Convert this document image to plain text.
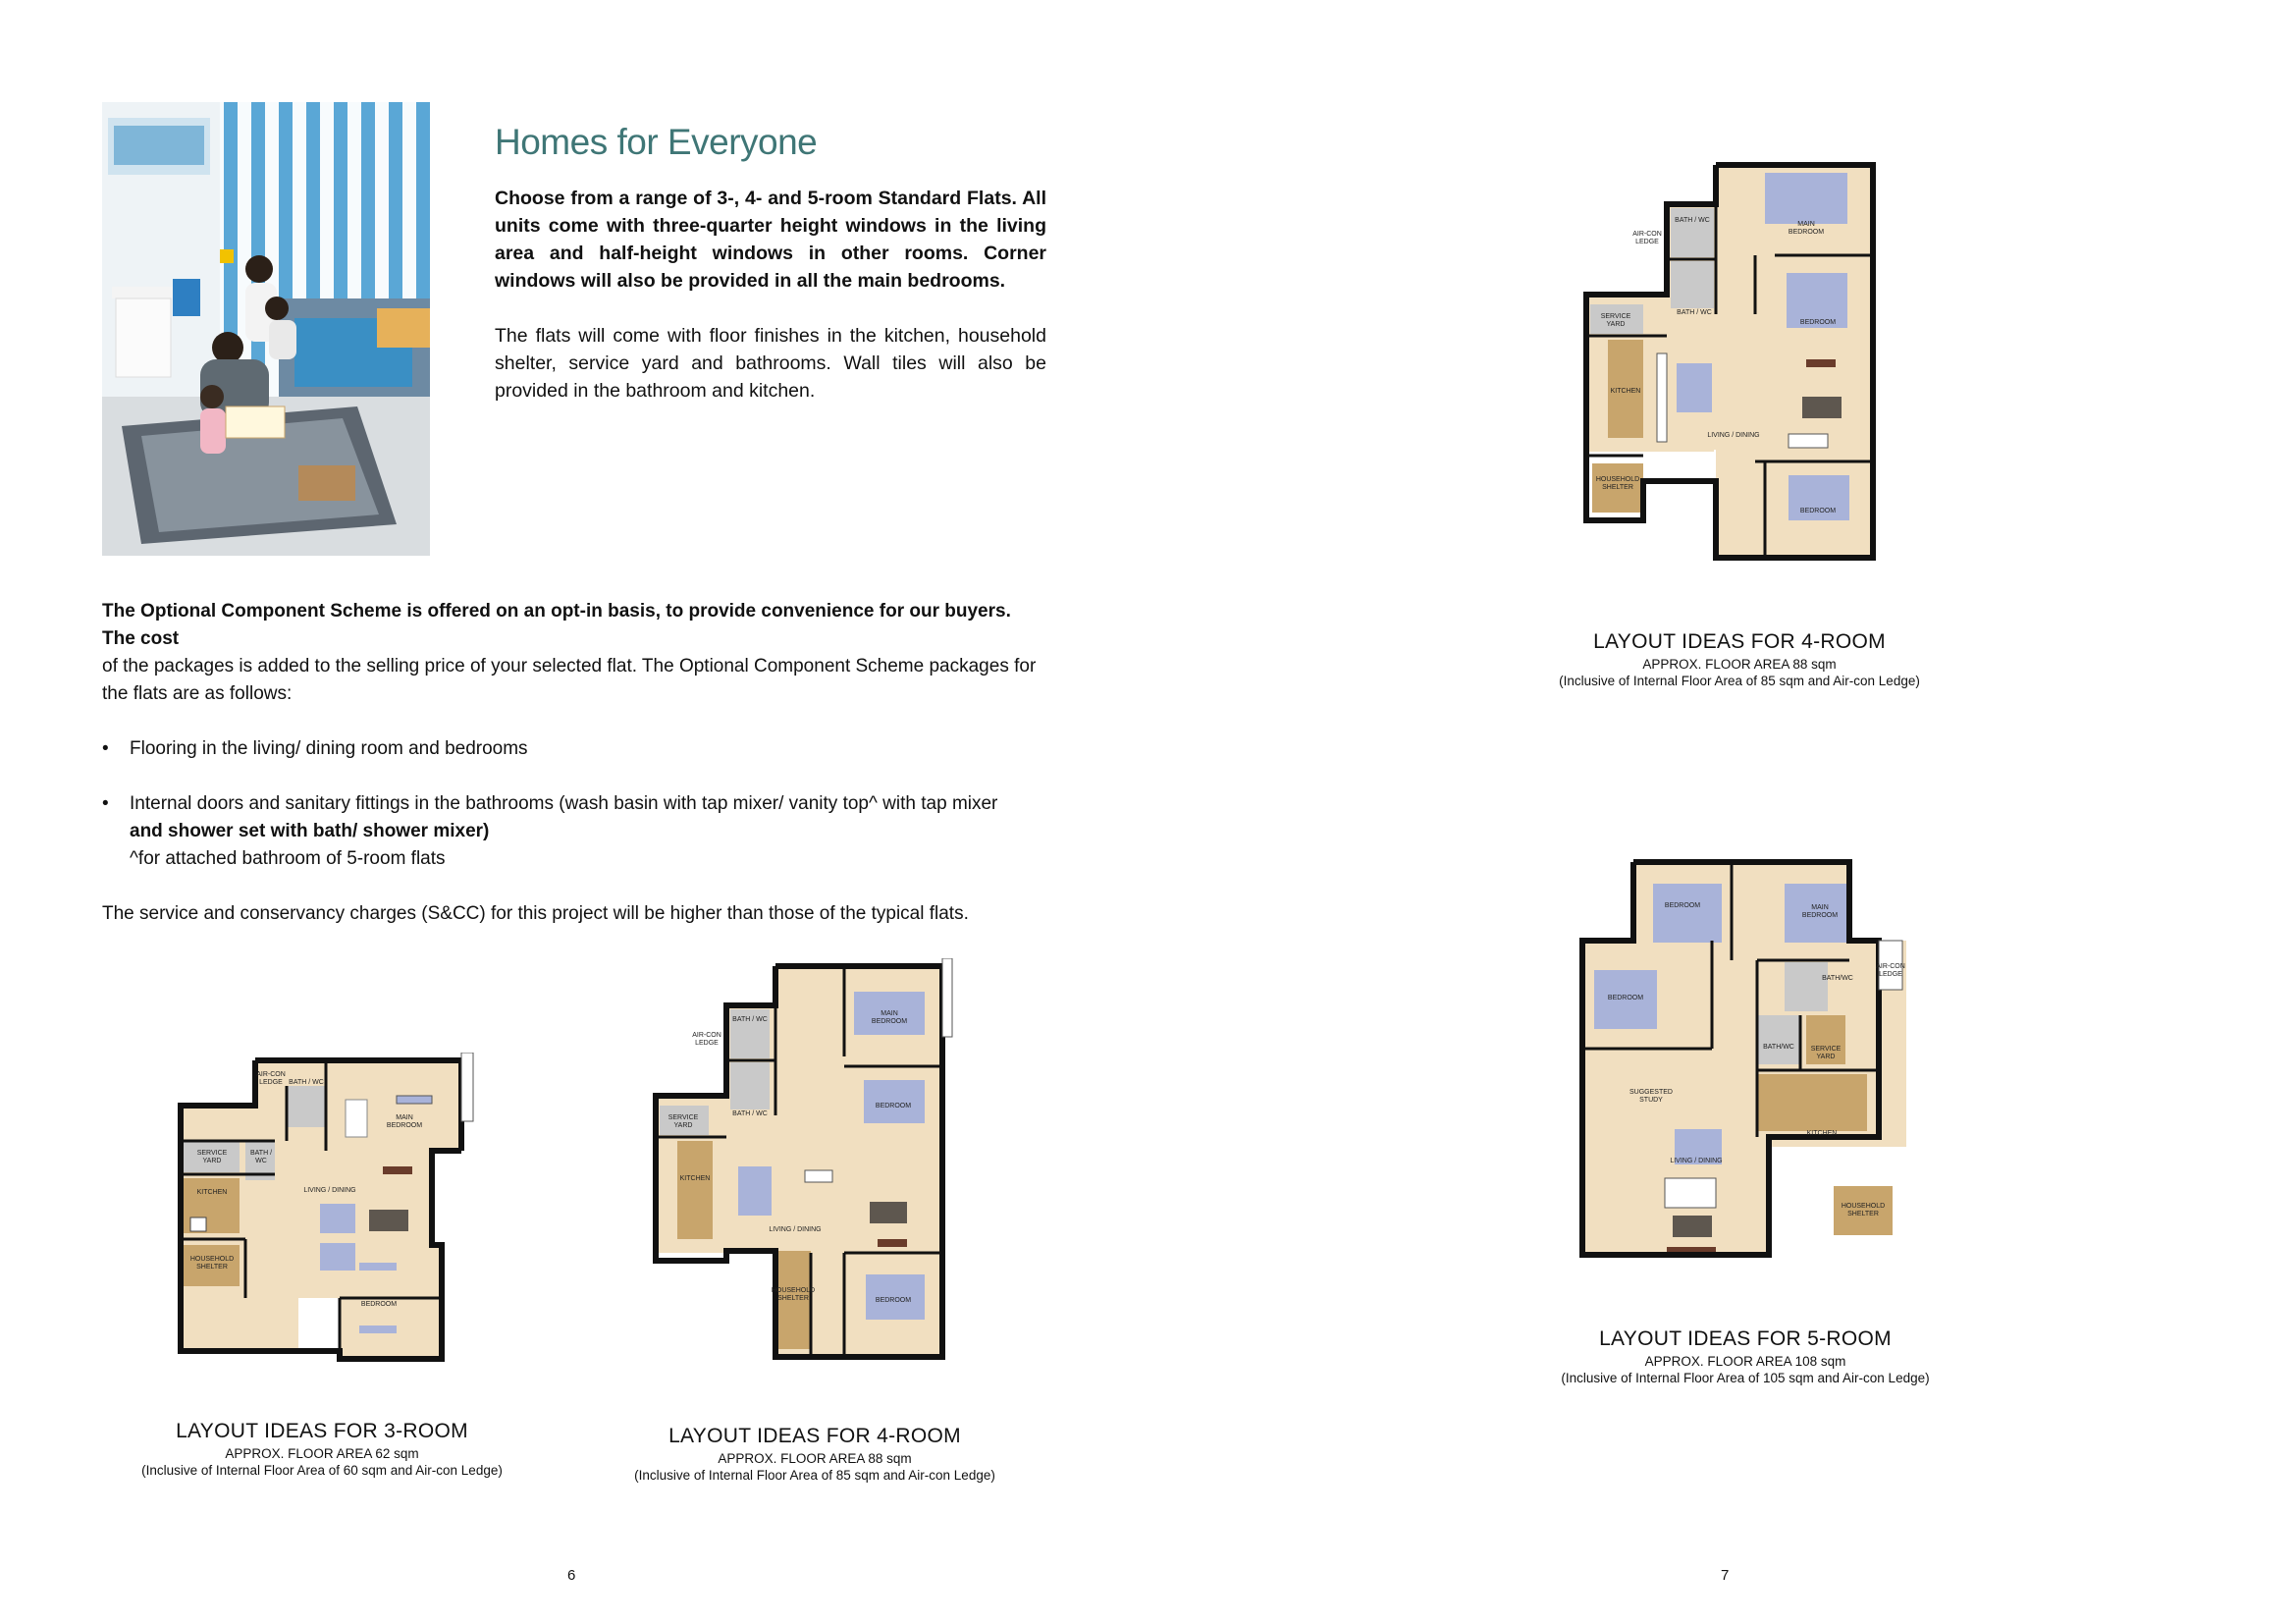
Homes for Everyone

Choose from a range of 3-, 4- and 5-room Standard Flats. All units come with three-quarter height windows in the living area and half-height windows in other rooms. Corner windows will also be provided in all the main bedrooms.

The flats will come with floor finishes in the kitchen, household shelter, service yard and bathrooms. Wall tiles will also be provided in the bathroom and kitchen.

The Optional Component Scheme is offered on an opt-in basis, to provide convenience for our buyers. The cost
of the packages is added to the selling price of your selected flat. The Optional Component Scheme packages for the flats are as follows:

• Flooring in the living/ dining room and bedrooms
• Internal doors and sanitary fittings in the bathrooms (wash basin with tap mixer/ vanity top^ with tap mixer
and shower set with bath/ shower mixer)
^for attached bathroom of 5-room flats

The service and conservancy charges (S&CC) for this project will be higher than those of the typical flats.

AIR-CON
LEDGE BATH / WC
MAIN
BEDROOM
SERVICE
YARD
BATH /
WC
KITCHEN	LIVING / DINING
HOUSEHOLD
SHELTER
BEDROOM
LAYOUT IDEAS FOR 3-ROOM
APPROX. FLOOR AREA 62 sqm
(Inclusive of Internal Floor Area of 60 sqm and Air-con Ledge)
BATH / WC
AIR-CON
LEDGE
MAIN
BEDROOM
SERVICE
YARD
BATH / WC
BEDROOM
KITCHEN
LIVING / DINING
HOUSEHOLD
SHELTER	BEDROOM
LAYOUT IDEAS FOR 4-ROOM
APPROX. FLOOR AREA 88 sqm
(Inclusive of Internal Floor Area of 85 sqm and Air-con Ledge)
6
BATH / WC
AIR-CON
LEDGE
MAIN
BEDROOM
SERVICE
YARD
BATH / WC
BEDROOM
KITCHEN
LIVING / DINING
HOUSEHOLD
SHELTER
BEDROOM
LAYOUT IDEAS FOR 4-ROOM
APPROX. FLOOR AREA 88 sqm
(Inclusive of Internal Floor Area of 85 sqm and Air-con Ledge)
BEDROOM	MAIN
BEDROOM
BEDROOM
BATH/WC
AIR-CON
LEDGE
BATH/WC SERVICE
YARD
SUGGESTED
STUDY
KITCHEN
LIVING / DINING
HOUSEHOLD
SHELTER
LAYOUT IDEAS FOR 5-ROOM
APPROX. FLOOR AREA 108 sqm
(Inclusive of Internal Floor Area of 105 sqm and Air-con Ledge)
7
